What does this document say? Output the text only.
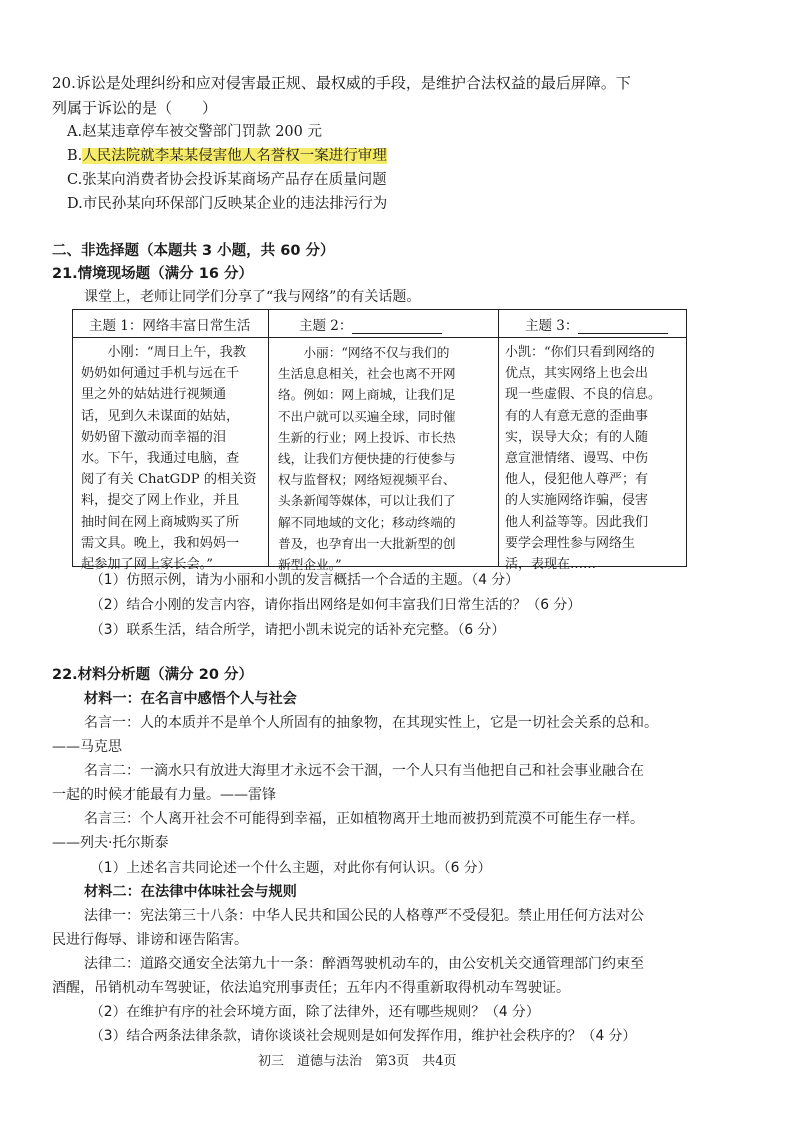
20.诉讼是处理纠纷和应对侵害最正规、最权威的手段，是维护合法权益的最后屏障。下
列属于诉讼的是（　　）
A.赵某违章停车被交警部门罚款 200 元
B.人民法院就李某某侵害他人名誉权一案进行审理
C.张某向消费者协会投诉某商场产品存在质量问题
D.市民孙某向环保部门反映某企业的违法排污行为
二、非选择题（本题共 3 小题，共 60 分）
21.情境现场题（满分 16 分）
课堂上，老师让同学们分享了“我与网络”的有关话题。
主题 1：网络丰富日常生活	主题 2：	主题 3：
　　小刚：“周日上午，我教
奶奶如何通过手机与远在千
里之外的姑姑进行视频通
话，见到久未谋面的姑姑，
奶奶留下激动而幸福的泪
水。下午，我通过电脑，查
阅了有关 ChatGDP 的相关资
料，提交了网上作业，并且
抽时间在网上商城购买了所
需文具。晚上，我和妈妈一
起参加了网上家长会。”
　　小丽：“网络不仅与我们的
生活息息相关，社会也离不开网
络。例如：网上商城，让我们足
不出户就可以买遍全球，同时催
生新的行业；网上投诉、市长热
线，让我们方便快捷的行使参与
权与监督权；网络短视频平台、
头条新闻等媒体，可以让我们了
解不同地域的文化；移动终端的
普及，也孕育出一大批新型的创
新型企业。”
小凯：“你们只看到网络的
优点，其实网络上也会出
现一些虚假、不良的信息。
有的人有意无意的歪曲事
实，误导大众；有的人随
意宣泄情绪、谩骂、中伤
他人，侵犯他人尊严；有
的人实施网络诈骗，侵害
他人利益等等。因此我们
要学会理性参与网络生
活，表现在……
（1）仿照示例，请为小丽和小凯的发言概括一个合适的主题。（4 分）
（2）结合小刚的发言内容，请你指出网络是如何丰富我们日常生活的？（6 分）
（3）联系生活，结合所学，请把小凯未说完的话补充完整。（6 分）
22.材料分析题（满分 20 分）
材料一：在名言中感悟个人与社会
名言一：人的本质并不是单个人所固有的抽象物，在其现实性上，它是一切社会关系的总和。
——马克思
名言二：一滴水只有放进大海里才永远不会干涸，一个人只有当他把自己和社会事业融合在
一起的时候才能最有力量。——雷锋
名言三：个人离开社会不可能得到幸福，正如植物离开土地而被扔到荒漠不可能生存一样。
——列夫·托尔斯泰
（1）上述名言共同论述一个什么主题，对此你有何认识。（6 分）
材料二：在法律中体味社会与规则
法律一：宪法第三十八条：中华人民共和国公民的人格尊严不受侵犯。禁止用任何方法对公
民进行侮辱、诽谤和诬告陷害。
法律二：道路交通安全法第九十一条：醉酒驾驶机动车的，由公安机关交通管理部门约束至
酒醒，吊销机动车驾驶证，依法追究刑事责任；五年内不得重新取得机动车驾驶证。
（2）在维护有序的社会环境方面，除了法律外，还有哪些规则？（4 分）
（3）结合两条法律条款，请你谈谈社会规则是如何发挥作用，维护社会秩序的？（4 分）
初三　道德与法治　第3页　共4页
